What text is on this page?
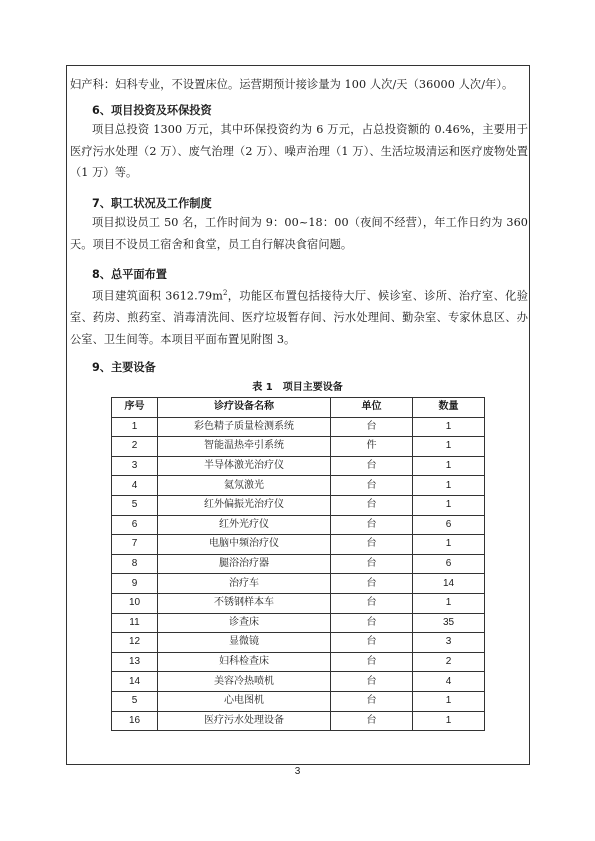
妇产科：妇科专业，不设置床位。运营期预计接诊量为 100 人次/天（36000 人次/年）。

6、项目投资及环保投资

项目总投资 1300 万元，其中环保投资约为 6 万元，占总投资额的 0.46%，主要用于医疗污水处理（2 万）、废气治理（2 万）、噪声治理（1 万）、生活垃圾清运和医疗废物处置（1 万）等。

7、职工状况及工作制度

项目拟设员工 50 名，工作时间为 9：00~18：00（夜间不经营），年工作日约为 360 天。项目不设员工宿舍和食堂，员工自行解决食宿问题。

8、总平面布置

项目建筑面积 $3612.79m^2$，功能区布置包括接待大厅、候诊室、诊所、治疗室、化验室、药房、煎药室、消毒清洗间、医疗垃圾暂存间、污水处理间、勤杂室、专家休息区、办公室、卫生间等。本项目平面布置见附图 3。

9、主要设备

表 1　项目主要设备
序号	诊疗设备名称	单位	数量
1	彩色精子质量检测系统	台	1
2	智能温热牵引系统	件	1
3	半导体激光治疗仪	台	1
4	氦氖激光	台	1
5	红外偏振光治疗仪	台	1
6	红外光疗仪	台	6
7	电脑中频治疗仪	台	1
8	腿浴治疗器	台	6
9	治疗车	台	14
10	不锈钢样本车	台	1
11	诊查床	台	35
12	显微镜	台	3
13	妇科检查床	台	2
14	美容冷热喷机	台	4
5	心电图机	台	1
16	医疗污水处理设备	台	1
3
